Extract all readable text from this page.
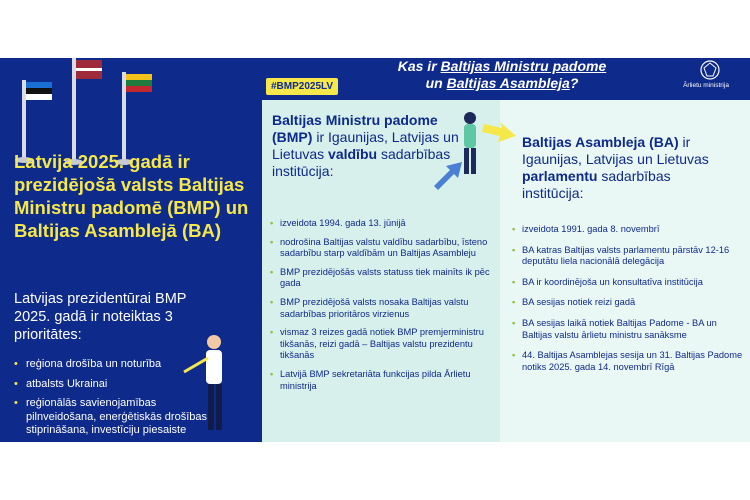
Latvija 2025. gadā ir prezidējošā valsts Baltijas Ministru padomē (BMP) un Baltijas Asamblejā (BA)
Latvijas prezidentūrai BMP 2025. gadā ir noteiktas 3 prioritātes:
• reģiona drošība un noturība
• atbalsts Ukrainai
• reģionālās savienojamības pilnveidošana, enerģētiskās drošības stiprināšana, investīciju piesaiste
Kas ir Baltijas Ministru padome
un Baltijas Asambleja?	Ārlietu ministrija
#BMP2025LV
Baltijas Ministru padome (BMP) ir Igaunijas, Latvijas un Lietuvas valdību sadarbības institūcija:
• izveidota 1994. gada 13. jūnijā
• nodrošina Baltijas valstu valdību sadarbību, īsteno sadarbību starp valdībām un Baltijas Asambleju
• BMP prezidējošās valsts statuss tiek mainīts ik pēc gada
• BMP prezidējošā valsts nosaka Baltijas valstu sadarbības prioritāros virzienus
• vismaz 3 reizes gadā notiek BMP premjerministru tikšanās, reizi gadā – Baltijas valstu prezidentu tikšanās
• Latvijā BMP sekretariāta funkcijas pilda Ārlietu ministrija
Baltijas Asambleja (BA) ir Igaunijas, Latvijas un Lietuvas parlamentu sadarbības institūcija:
• izveidota 1991. gada 8. novembrī
• BA katras Baltijas valsts parlamentu pārstāv 12-16 deputātu liela nacionālā delegācija
• BA ir koordinējoša un konsultatīva institūcija
• BA sesijas notiek reizi gadā
• BA sesijas laikā notiek Baltijas Padome - BA un Baltijas valstu ārlietu ministru sanāksme
• 44. Baltijas Asamblejas sesija un 31. Baltijas Padome notiks 2025. gada 14. novembrī Rīgā
